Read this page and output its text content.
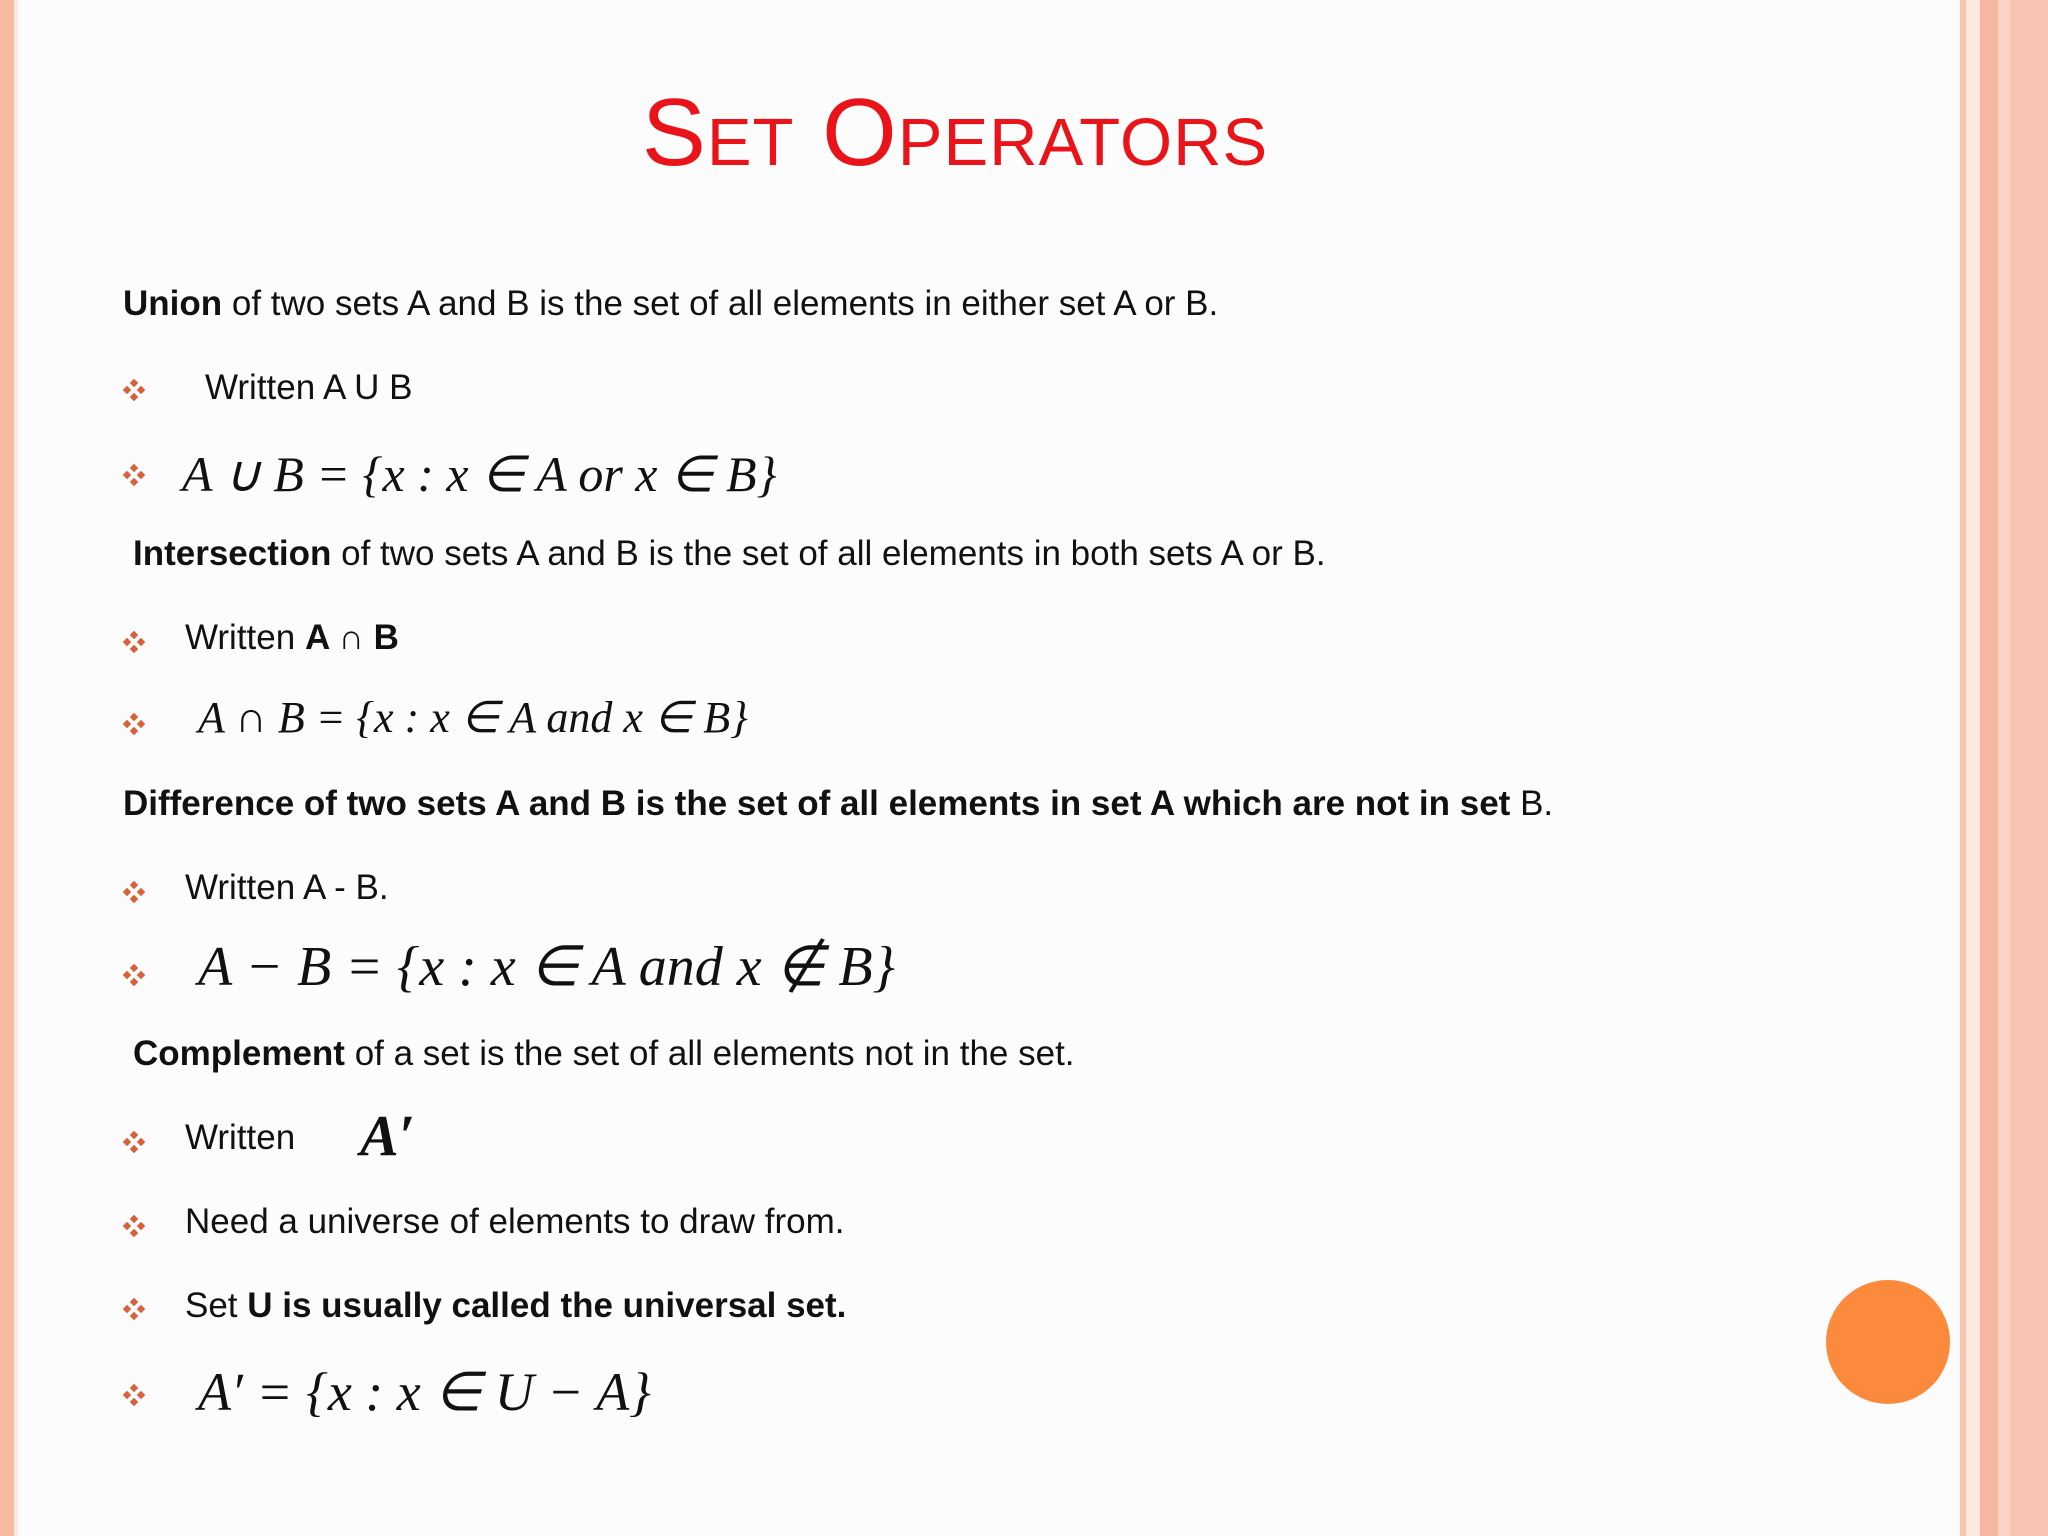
Set Operators
Union of two sets A and B is the set of all elements in either set A or B.
Written A U B
A ∪ B = {x : x ∈ A or x ∈ B}
Intersection of two sets A and B is the set of all elements in both sets A or B.
Written A ∩ B
A ∩ B = {x : x ∈ A and x ∈ B}
Difference of two sets A and B is the set of all elements in set A which are not in set B.
Written A - B.
A − B = {x : x ∈ A and x ∉ B}
Complement of a set is the set of all elements not in the set.
Written A′
Need a universe of elements to draw from.
Set U is usually called the universal set.
A′ = {x : x ∈ U − A}
